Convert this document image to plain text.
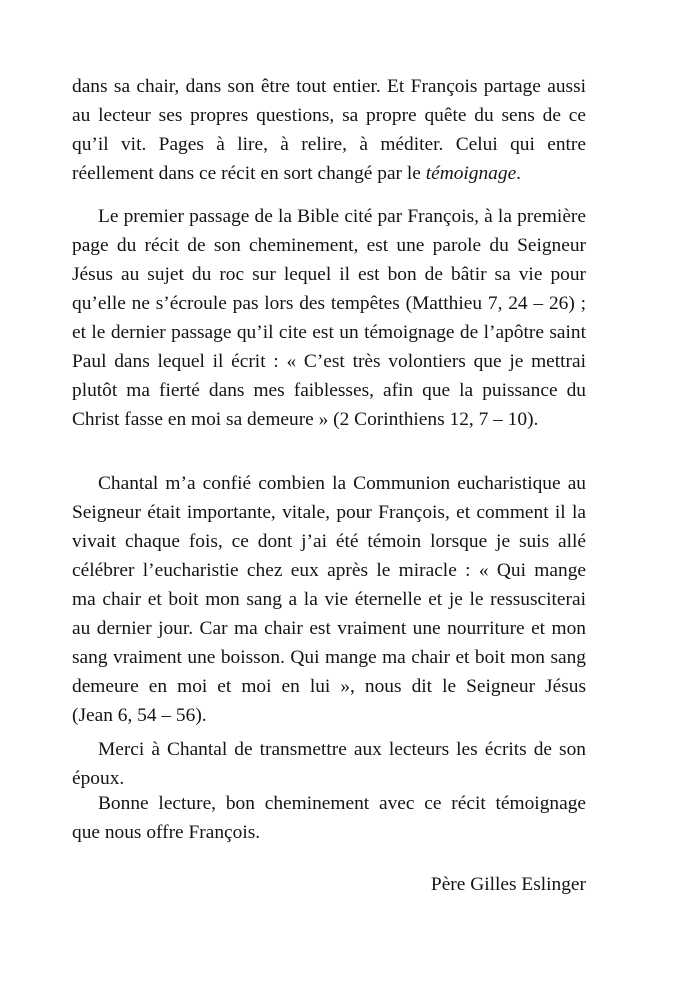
dans sa chair, dans son être tout entier. Et François partage aussi
au lecteur ses propres questions, sa propre quête du sens de ce
qu’il vit. Pages à lire, à relire, à méditer. Celui qui entre
réellement dans ce récit en sort changé par le témoignage.
Le premier passage de la Bible cité par François, à la première
page du récit de son cheminement, est une parole du Seigneur
Jésus au sujet du roc sur lequel il est bon de bâtir sa vie pour
qu’elle ne s’écroule pas lors des tempêtes (Matthieu 7, 24 – 26) ;
et le dernier passage qu’il cite est un témoignage de l’apôtre saint
Paul dans lequel il écrit : « C’est très volontiers que je mettrai
plutôt ma fierté dans mes faiblesses, afin que la puissance du
Christ fasse en moi sa demeure » (2 Corinthiens 12, 7 – 10).
Chantal m’a confié combien la Communion eucharistique au
Seigneur était importante, vitale, pour François, et comment il la
vivait chaque fois, ce dont j’ai été témoin lorsque je suis allé
célébrer l’eucharistie chez eux après le miracle : « Qui mange
ma chair et boit mon sang a la vie éternelle et je le ressusciterai
au dernier jour. Car ma chair est vraiment une nourriture et mon
sang vraiment une boisson. Qui mange ma chair et boit mon sang
demeure en moi et moi en lui », nous dit le Seigneur Jésus
(Jean 6, 54 – 56).
Merci à Chantal de transmettre aux lecteurs les écrits de son
époux.
Bonne lecture, bon cheminement avec ce récit témoignage
que nous offre François.
Père Gilles Eslinger
